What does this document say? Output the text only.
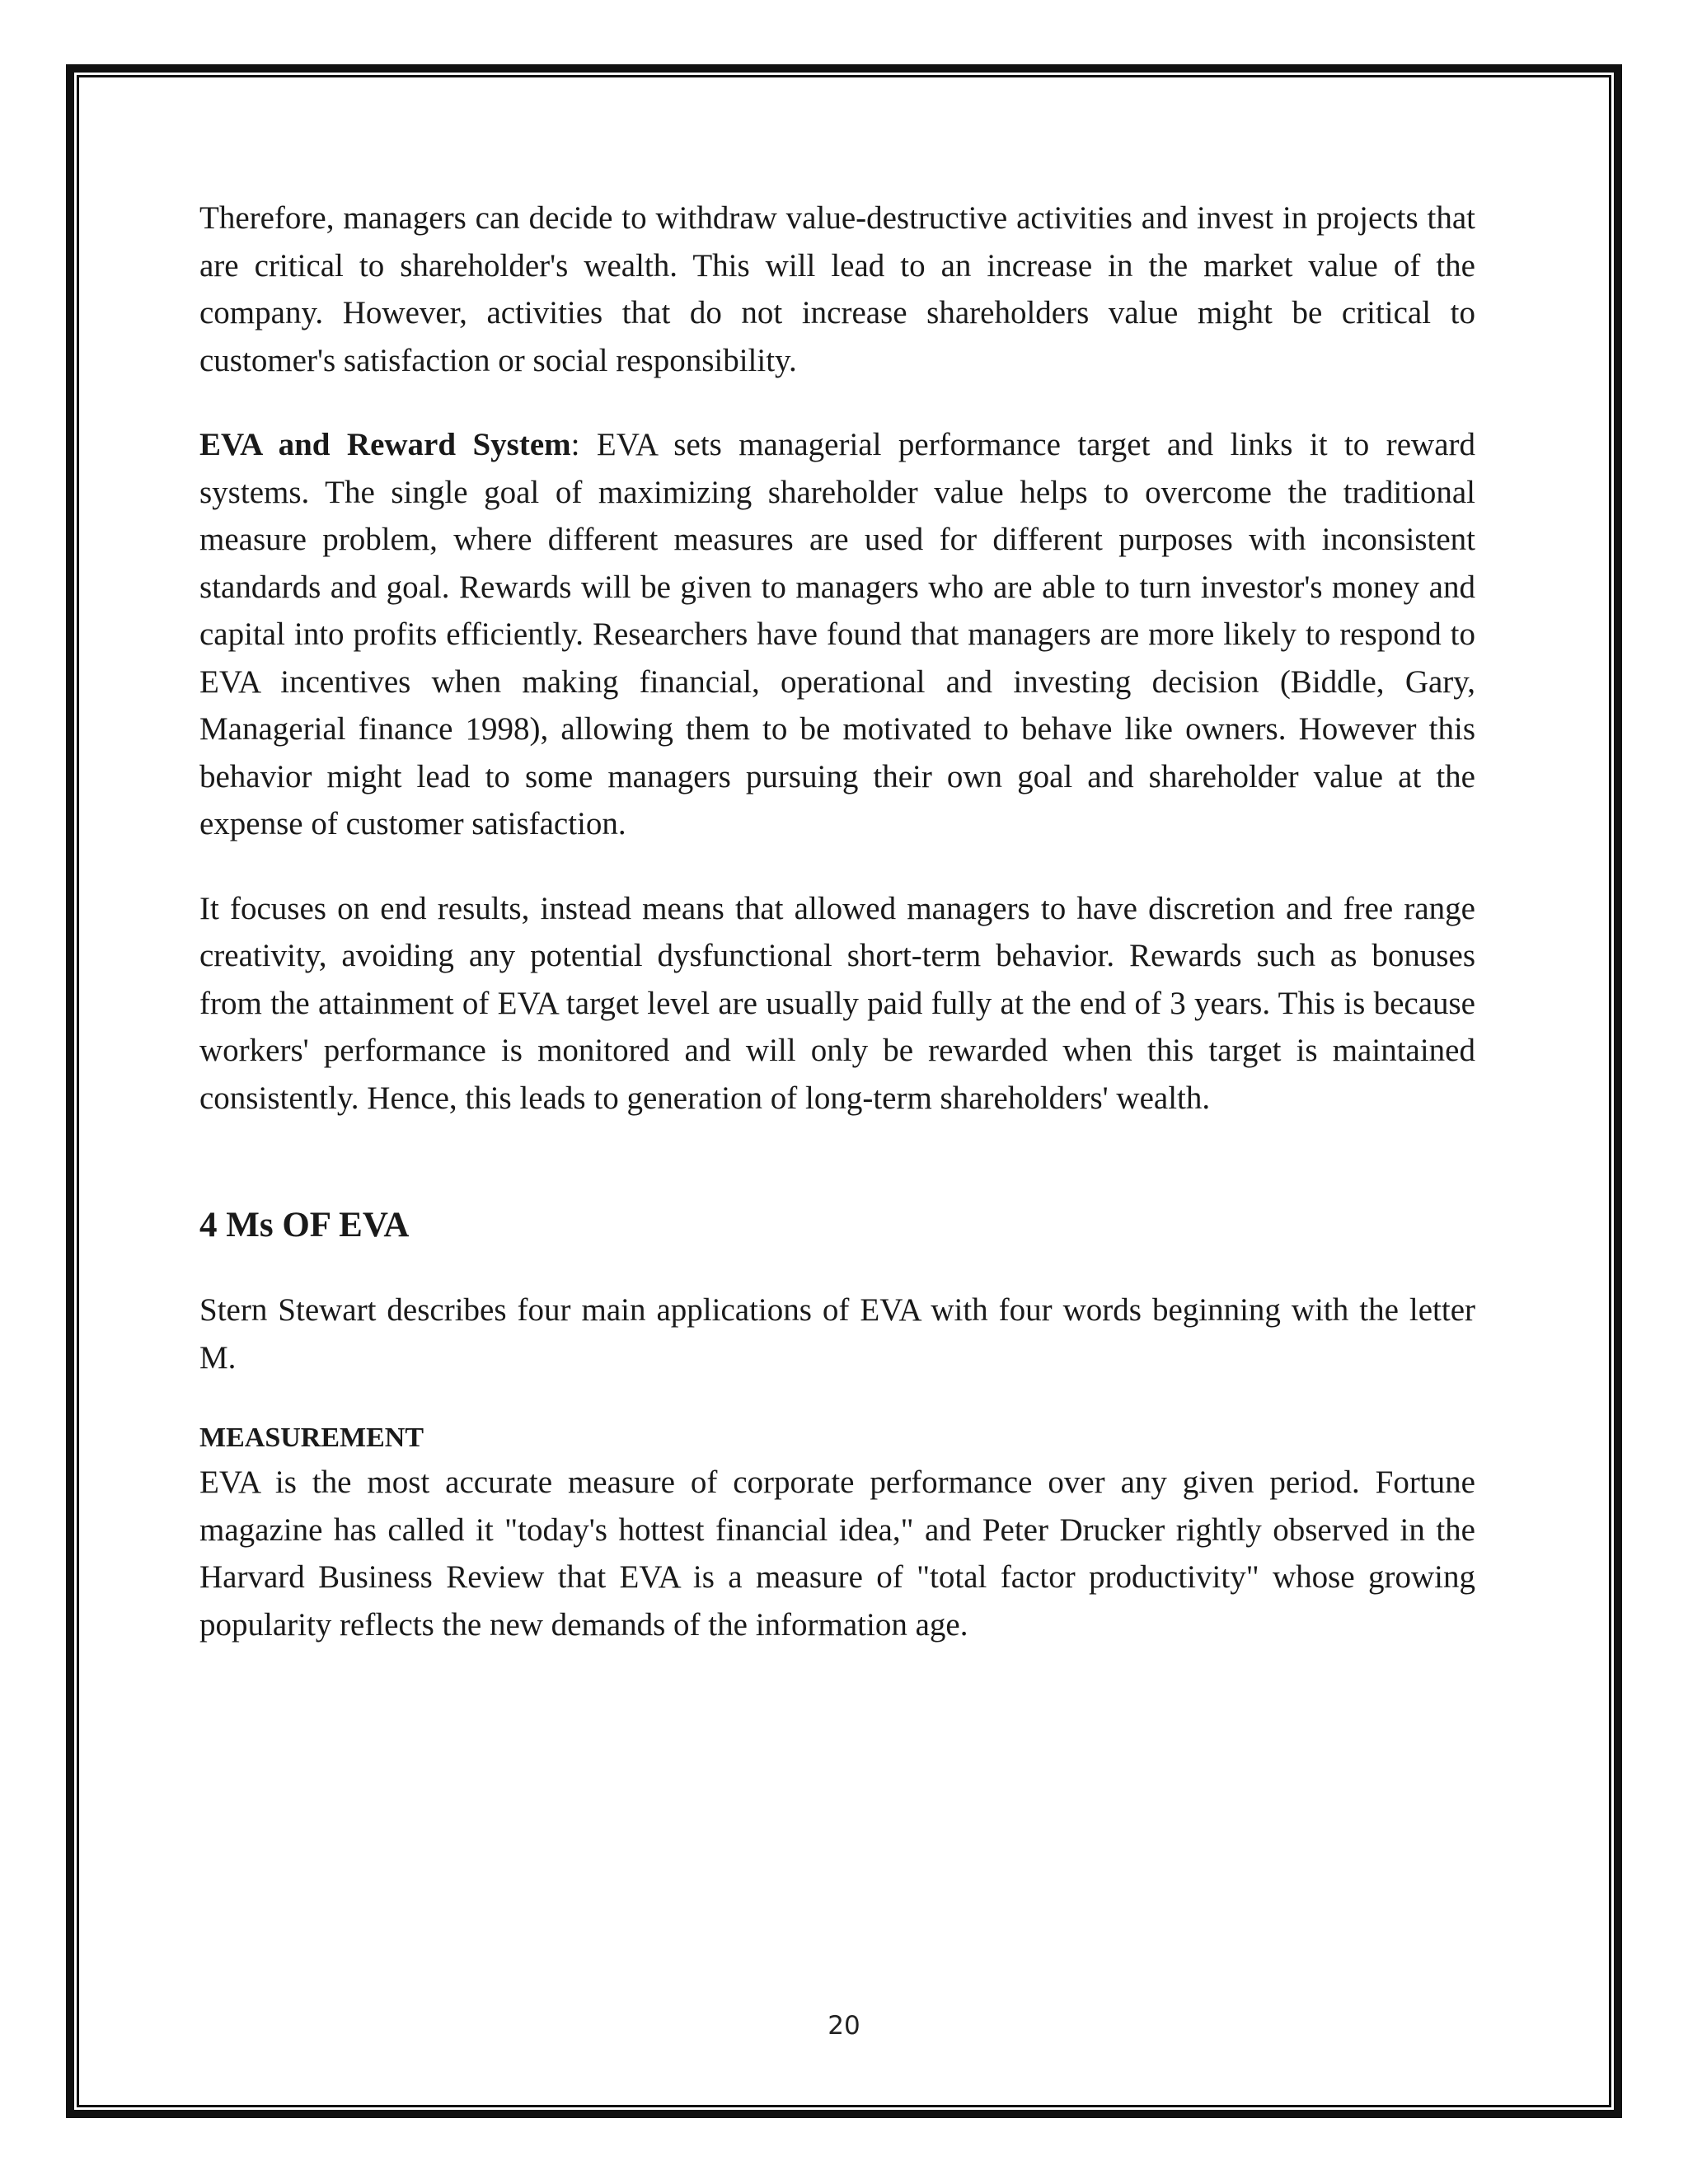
Therefore, managers can decide to withdraw value-destructive activities and invest in projects that are critical to shareholder's wealth. This will lead to an increase in the market value of the company. However, activities that do not increase shareholders value might be critical to customer's satisfaction or social responsibility.

EVA and Reward System: EVA sets managerial performance target and links it to reward systems. The single goal of maximizing shareholder value helps to overcome the traditional measure problem, where different measures are used for different purposes with inconsistent standards and goal. Rewards will be given to managers who are able to turn investor's money and capital into profits efficiently. Researchers have found that managers are more likely to respond to EVA incentives when making financial, operational and investing decision (Biddle, Gary, Managerial finance 1998), allowing them to be motivated to behave like owners. However this behavior might lead to some managers pursuing their own goal and shareholder value at the expense of customer satisfaction.

It focuses on end results, instead means that allowed managers to have discretion and free range creativity, avoiding any potential dysfunctional short-term behavior. Rewards such as bonuses from the attainment of EVA target level are usually paid fully at the end of 3 years. This is because workers' performance is monitored and will only be rewarded when this target is maintained consistently. Hence, this leads to generation of long-term shareholders' wealth.

4 Ms OF EVA

Stern Stewart describes four main applications of EVA with four words beginning with the letter M.

MEASUREMENT

EVA is the most accurate measure of corporate performance over any given period. Fortune magazine has called it "today's hottest financial idea," and Peter Drucker rightly observed in the Harvard Business Review that EVA is a measure of "total factor productivity" whose growing popularity reflects the new demands of the information age.

20
